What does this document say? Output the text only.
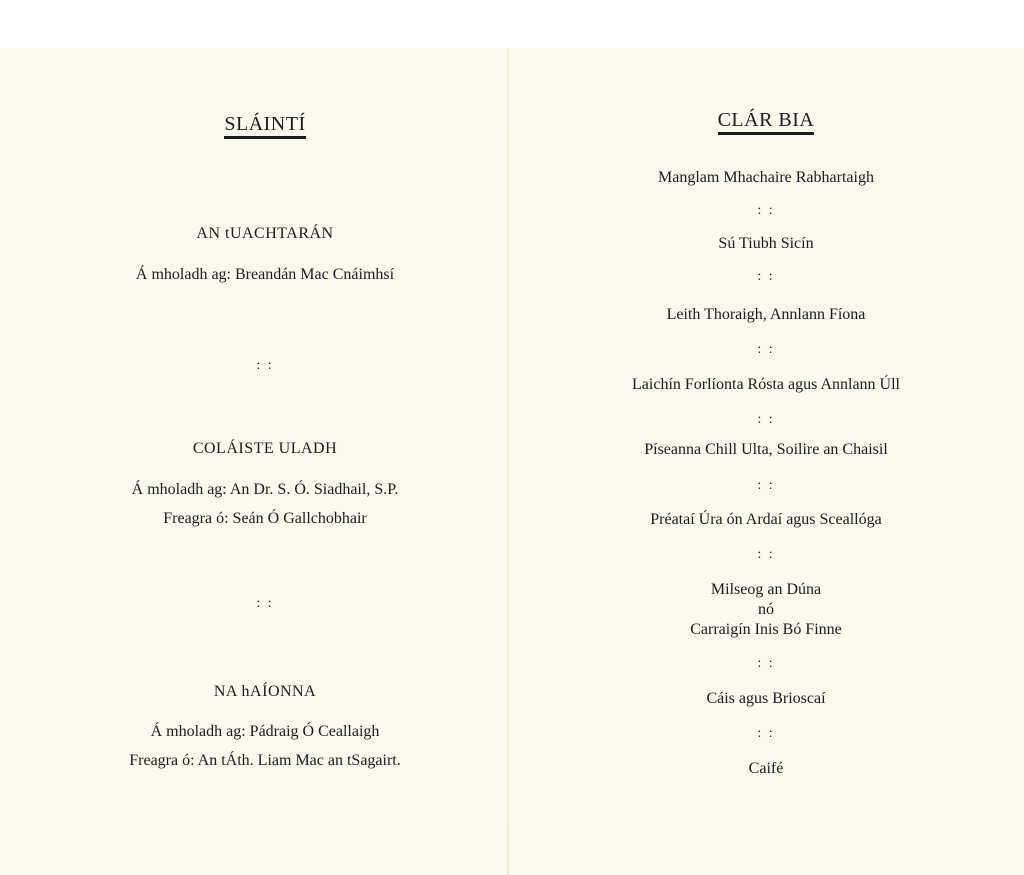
SLÁINTÍ
AN tUACHTARÁN
Á mholadh ag: Breandán Mac Cnáimhsí
: :
COLÁISTE ULADH
Á mholadh ag: An Dr. S. Ó. Siadhail, S.P.
Freagra ó: Seán Ó Gallchobhair
: :
NA hAÍONNA
Á mholadh ag: Pádraig Ó Ceallaigh
Freagra ó: An tÁth. Liam Mac an tSagairt.
CLÁR BIA
Manglam Mhachaire Rabhartaigh
: :
Sú Tiubh Sicín
: :
Leith Thoraigh, Annlann Fíona
: :
Laichín Forlíonta Rósta agus Annlann Úll
: :
Píseanna Chill Ulta, Soilire an Chaisil
: :
Préataí Úra ón Ardaí agus Sceallóga
: :
Milseog an Dúna
nó
Carraigín Inis Bó Finne
: :
Cáis agus Brioscaí
: :
Caifé
